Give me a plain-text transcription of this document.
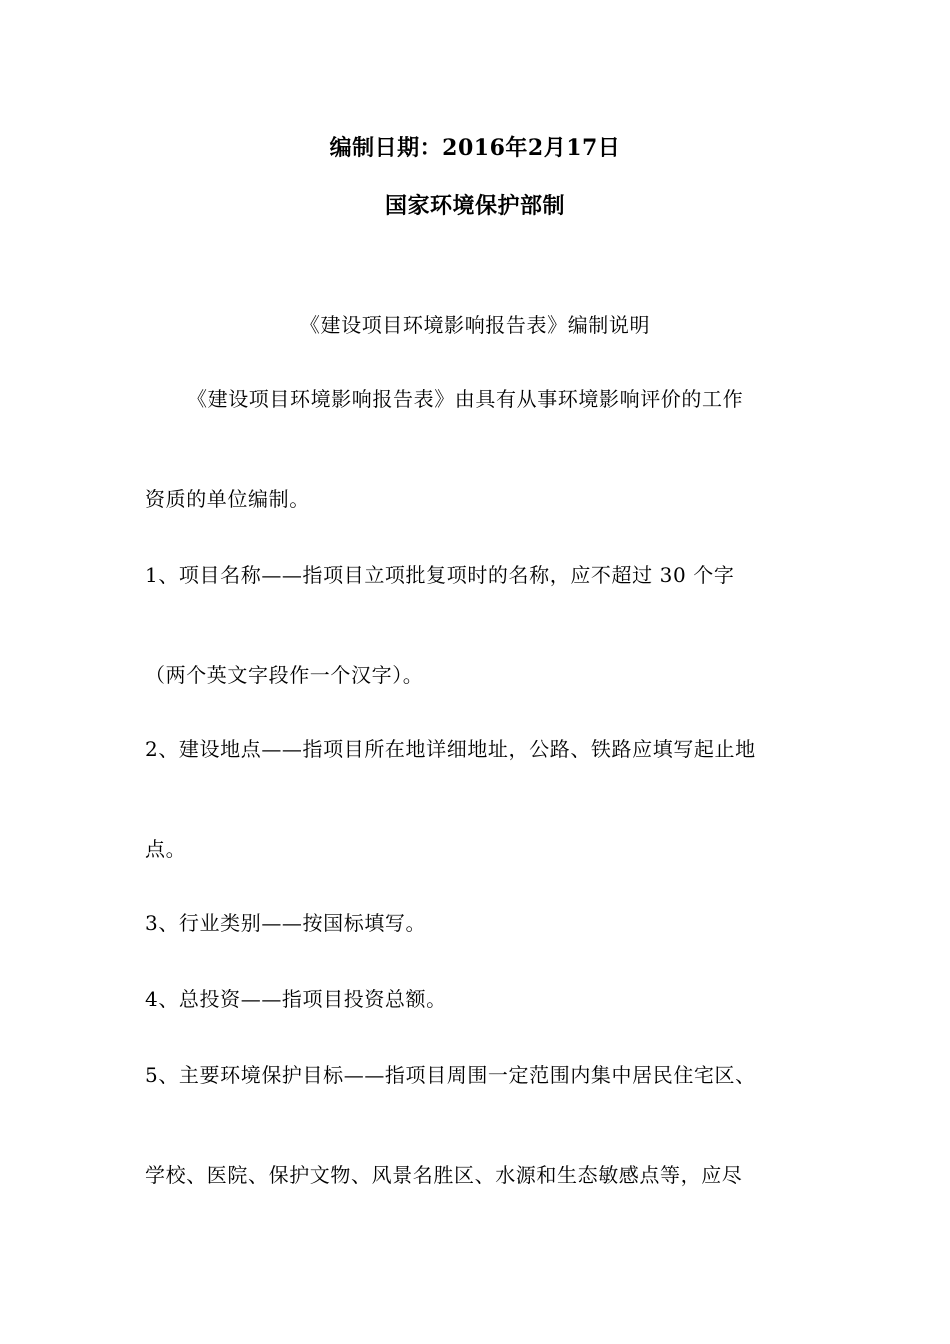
编制日期：2016年2月17日
国家环境保护部制
《建设项目环境影响报告表》编制说明
《建设项目环境影响报告表》由具有从事环境影响评价的工作
资质的单位编制。
1、项目名称——指项目立项批复项时的名称，应不超过 30 个字
（两个英文字段作一个汉字）。
2、建设地点——指项目所在地详细地址，公路、铁路应填写起止地
点。
3、行业类别——按国标填写。
4、总投资——指项目投资总额。
5、主要环境保护目标——指项目周围一定范围内集中居民住宅区、
学校、医院、保护文物、风景名胜区、水源和生态敏感点等，应尽
